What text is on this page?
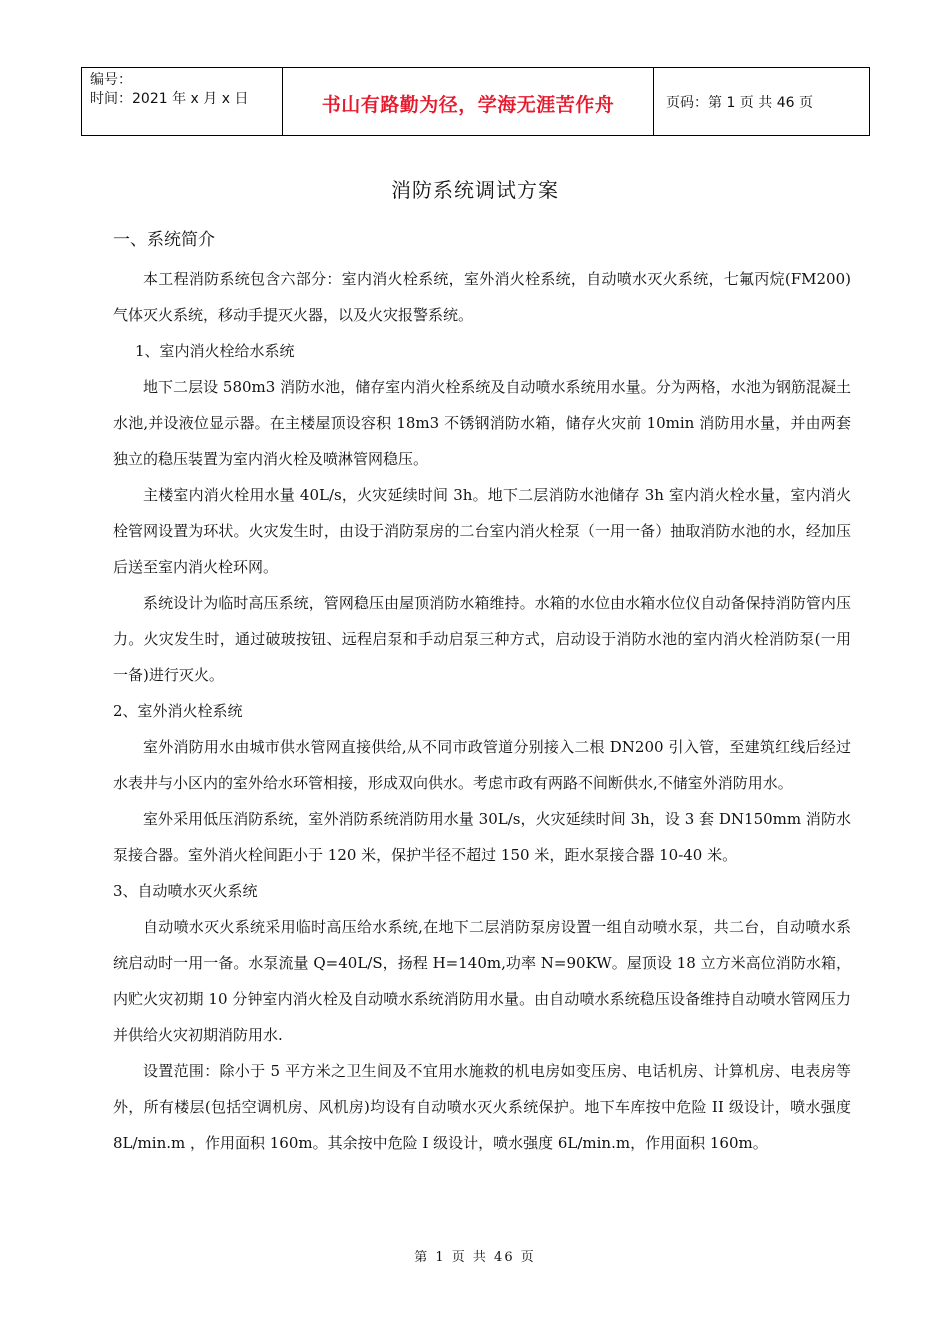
编号：
时间：2021 年 x 月 x 日	书山有路勤为径，学海无涯苦作舟	页码：第 1 页 共 46 页
消防系统调试方案
一、系统简介

本工程消防系统包含六部分：室内消火栓系统，室外消火栓系统，自动喷水灭火系统，七氟丙烷(FM200)气体灭火系统，移动手提灭火器，以及火灾报警系统。

1、室内消火栓给水系统

地下二层设 580m3 消防水池，储存室内消火栓系统及自动喷水系统用水量。分为两格，水池为钢筋混凝土水池,并设液位显示器。在主楼屋顶设容积 18m3 不锈钢消防水箱，储存火灾前 10min 消防用水量，并由两套独立的稳压装置为室内消火栓及喷淋管网稳压。

主楼室内消火栓用水量 40L/s，火灾延续时间 3h。地下二层消防水池储存 3h 室内消火栓水量，室内消火栓管网设置为环状。火灾发生时，由设于消防泵房的二台室内消火栓泵（一用一备）抽取消防水池的水，经加压后送至室内消火栓环网。

系统设计为临时高压系统，管网稳压由屋顶消防水箱维持。水箱的水位由水箱水位仪自动备保持消防管内压力。火灾发生时，通过破玻按钮、远程启泵和手动启泵三种方式，启动设于消防水池的室内消火栓消防泵(一用一备)进行灭火。

2、室外消火栓系统

室外消防用水由城市供水管网直接供给,从不同市政管道分别接入二根 DN200 引入管，至建筑红线后经过水表井与小区内的室外给水环管相接，形成双向供水。考虑市政有两路不间断供水,不储室外消防用水。

室外采用低压消防系统，室外消防系统消防用水量 30L/s，火灾延续时间 3h，设 3 套 DN150mm 消防水泵接合器。室外消火栓间距小于 120 米，保护半径不超过 150 米，距水泵接合器 10-40 米。

3、自动喷水灭火系统

自动喷水灭火系统采用临时高压给水系统,在地下二层消防泵房设置一组自动喷水泵，共二台，自动喷水系统启动时一用一备。水泵流量 Q=40L/S，扬程 H=140m,功率 N=90KW。屋顶设 18 立方米高位消防水箱，内贮火灾初期 10 分钟室内消火栓及自动喷水系统消防用水量。由自动喷水系统稳压设备维持自动喷水管网压力并供给火灾初期消防用水.

设置范围：除小于 5 平方米之卫生间及不宜用水施救的机电房如变压房、电话机房、计算机房、电表房等外，所有楼层(包括空调机房、风机房)均设有自动喷水灭火系统保护。地下车库按中危险 II 级设计，喷水强度 8L/min.m ，作用面积 160m。其余按中危险 I 级设计，喷水强度 6L/min.m，作用面积 160m。

第 1 页 共 46 页
